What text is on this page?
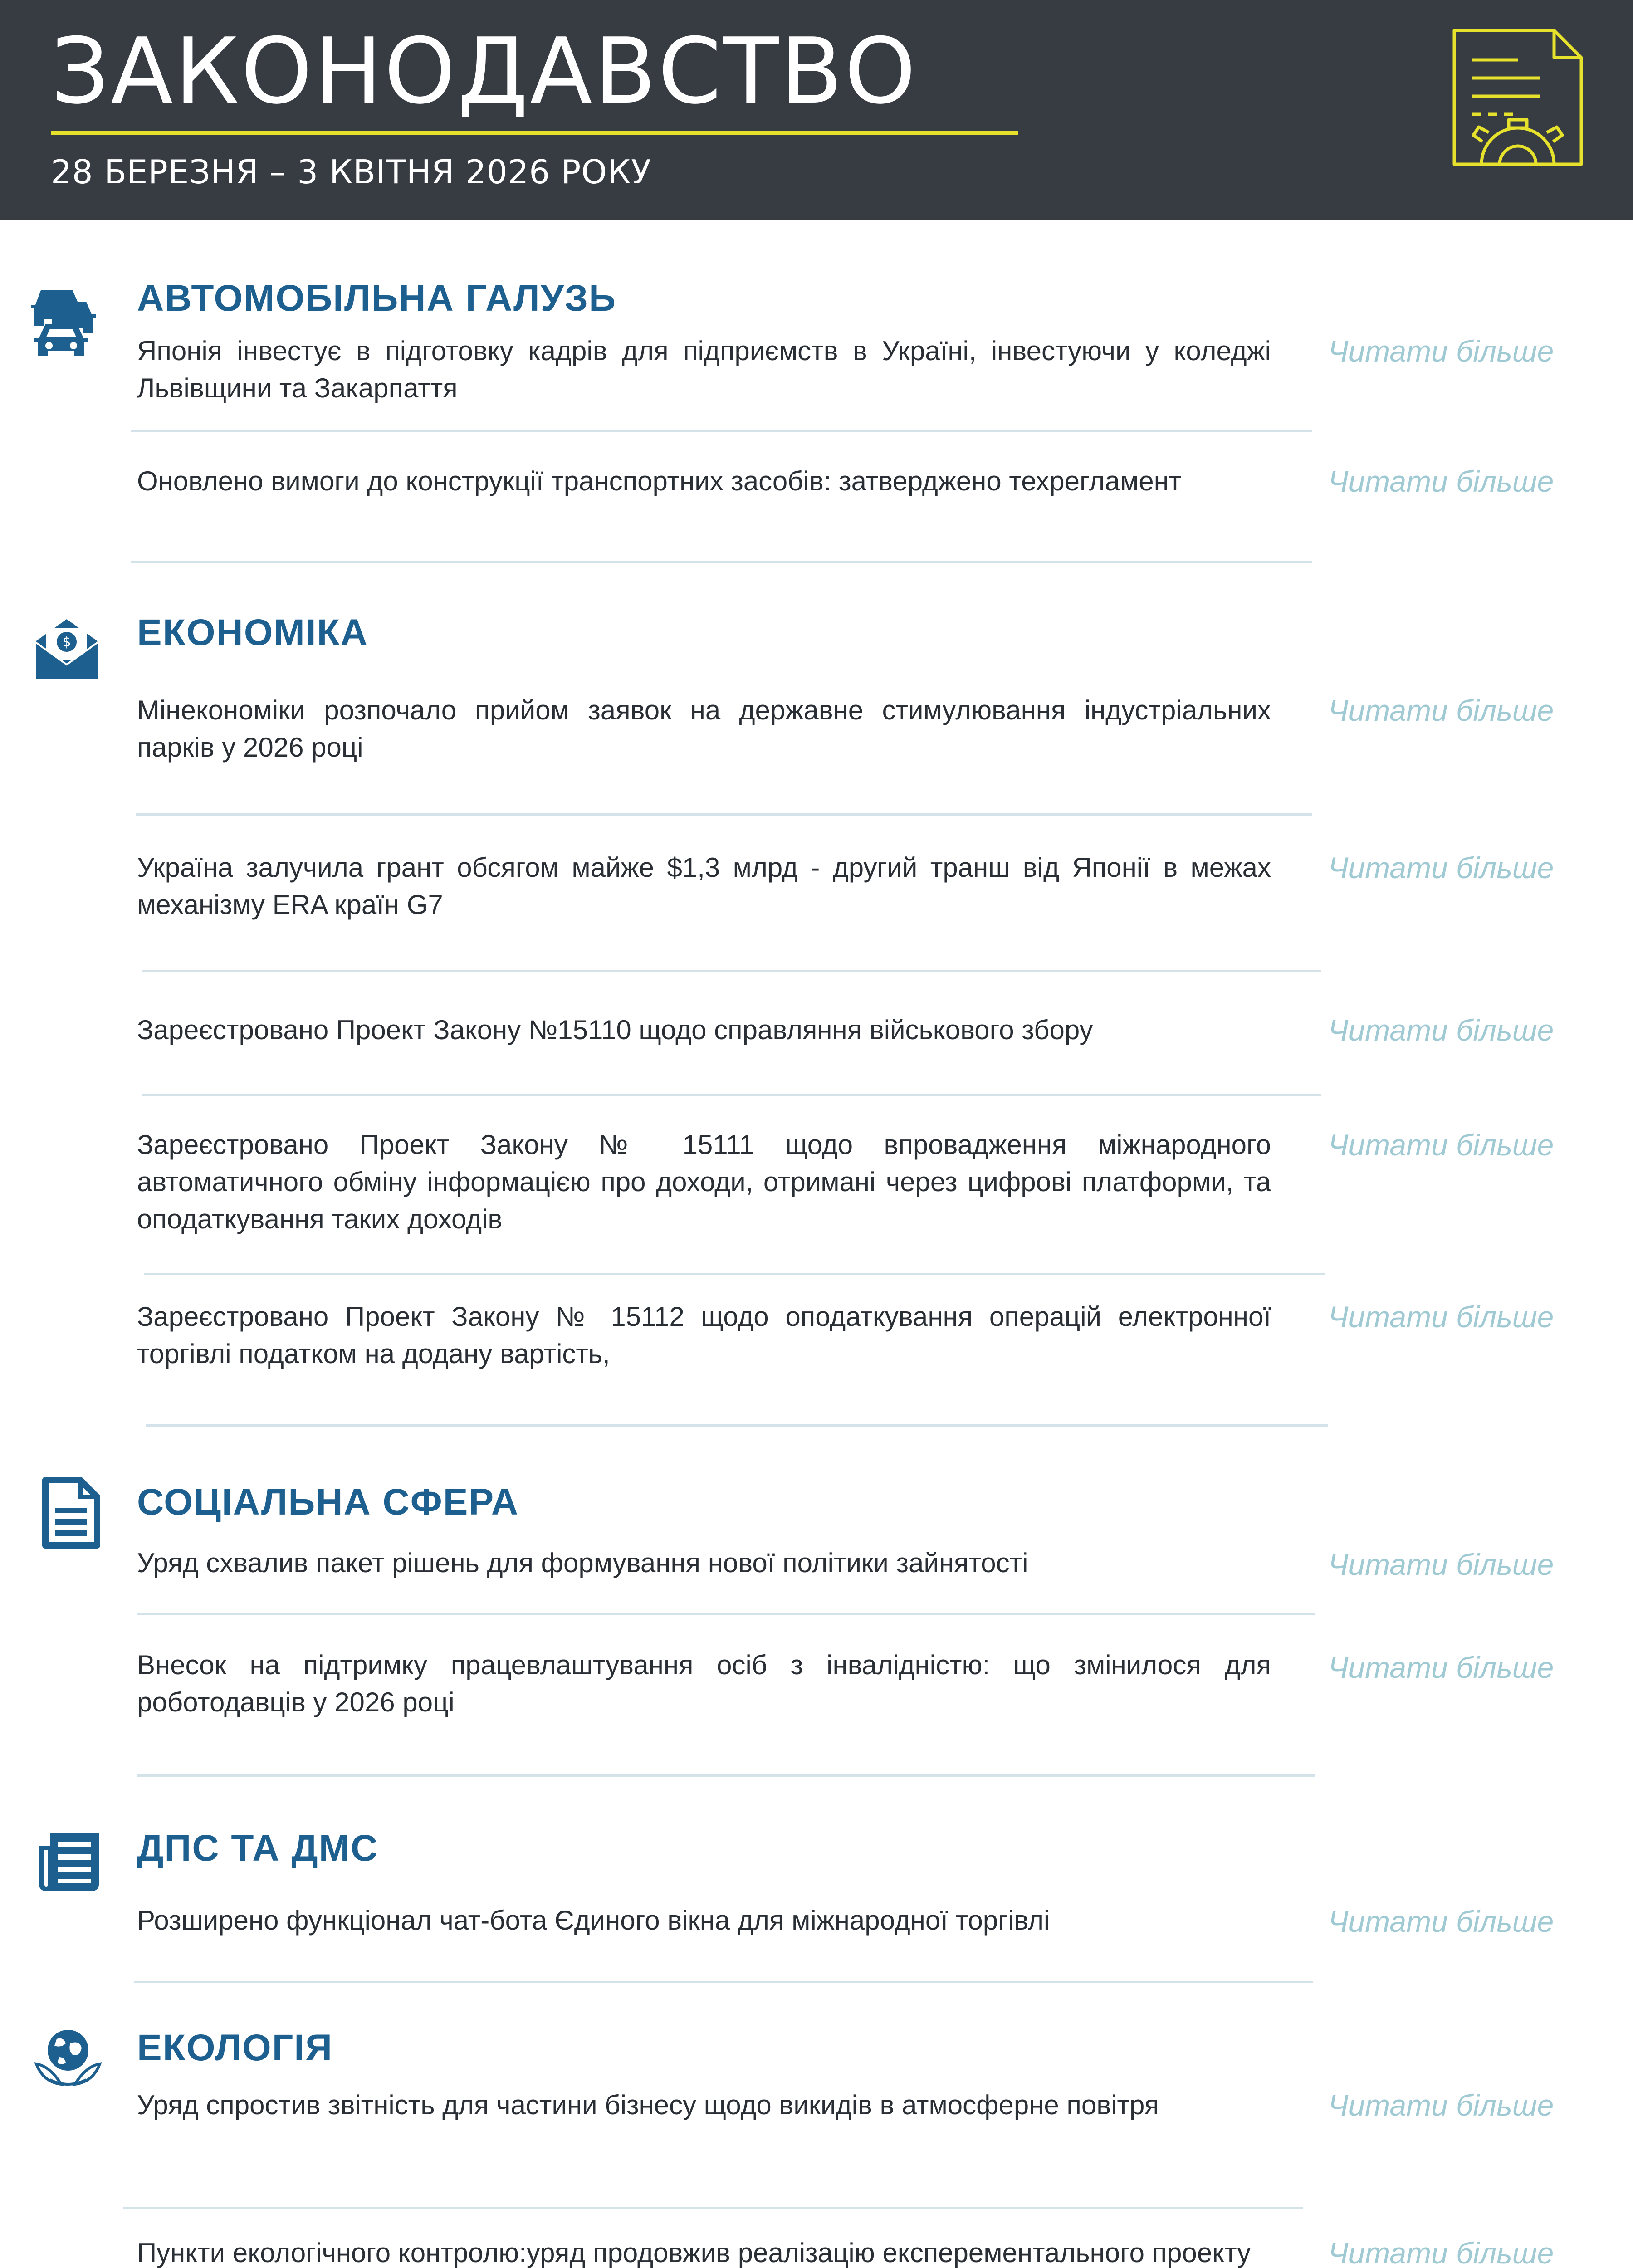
ЗАКОНОДАВСТВО
28 БЕРЕЗНЯ – 3 КВІТНЯ 2026 РОКУ
АВТОМОБІЛЬНА ГАЛУЗЬ
Японія інвестує в підготовку кадрів для підприємств в Україні, інвестуючи у коледжі Львівщини та Закарпаття
Читати більше
Оновлено вимоги до конструкції транспортних засобів: затверджено техрегламент	Читати більше
$ ЕКОНОМІКА
Мінекономіки розпочало прийом заявок на державне стимулювання індустріальних парків у 2026 році
Читати більше
Україна залучила грант обсягом майже $1,3 млрд - другий транш від Японії в межах механізму ERA країн G7
Читати більше
Зареєстровано Проект Закону №15110 щодо справляння військового збору	Читати більше
Зареєстровано Проект Закону № 15111 щодо впровадження міжнародного автоматичного обміну інформацією про доходи, отримані через цифрові платформи, та оподаткування таких доходів
Читати більше
Зареєстровано Проект Закону № 15112 щодо оподаткування операцій електронної торгівлі податком на додану вартість,
Читати більше
СОЦІАЛЬНА СФЕРА
Уряд схвалив пакет рішень для формування нової політики зайнятості	Читати більше
Внесок на підтримку працевлаштування осіб з інвалідністю: що змінилося для роботодавців у 2026 році
Читати більше
ДПС ТА ДМС
Розширено функціонал чат-бота Єдиного вікна для міжнародної торгівлі	Читати більше
ЕКОЛОГІЯ
Уряд спростив звітність для частини бізнесу щодо викидів в атмосферне повітря	Читати більше
Пункти екологічного контролю:уряд продовжив реалізацію експерементального проекту	Читати більше
